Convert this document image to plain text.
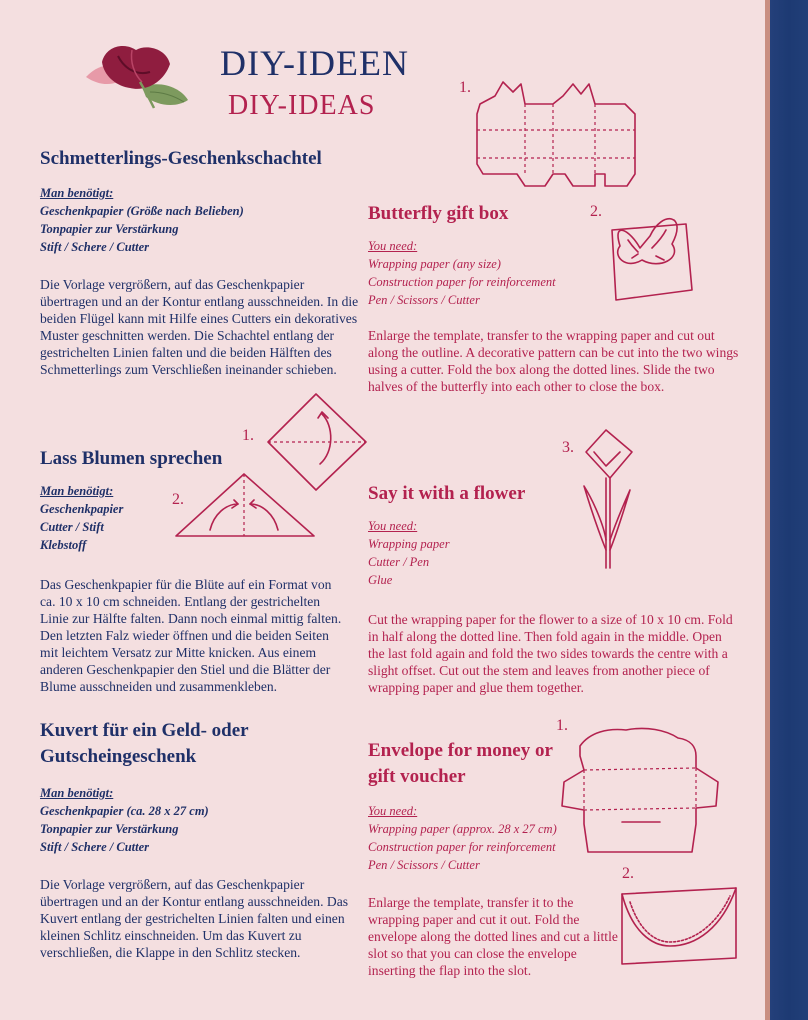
DIY-IDEEN
DIY-IDEAS
Schmetterlings-Geschenkschachtel
Man benötigt:
Geschenkpapier (Größe nach Belieben)
Tonpapier zur Verstärkung
Stift / Schere / Cutter

Die Vorlage vergrößern, auf das Geschenkpapier übertragen und an der Kontur entlang ausschneiden. In die beiden Flügel kann mit Hilfe eines Cutters ein dekoratives Muster geschnitten werden. Die Schachtel entlang der gestrichelten Linien falten und die beiden Hälften des Schmetterlings zum Verschließen ineinander schieben.

Butterfly gift box
You need:
Wrapping paper (any size)
Construction paper for reinforcement
Pen / Scissors / Cutter

Enlarge the template, transfer to the wrapping paper and cut out along the outline. A decorative pattern can be cut into the two wings using a cutter. Fold the box along the dotted lines. Slide the two halves of the butterfly into each other to close the box.

Lass Blumen sprechen
Man benötigt:
Geschenkpapier
Cutter / Stift
Klebstoff

Das Geschenkpapier für die Blüte auf ein Format von ca. 10 x 10 cm schneiden. Entlang der gestrichelten Linie zur Hälfte falten. Dann noch einmal mittig falten. Den letzten Falz wieder öffnen und die beiden Seiten mit leichtem Versatz zur Mitte knicken. Aus einem anderen Geschenkpapier den Stiel und die Blätter der Blume ausschneiden und zusammenkleben.

Say it with a flower
You need:
Wrapping paper
Cutter / Pen
Glue

Cut the wrapping paper for the flower to a size of 10 x 10 cm. Fold in half along the dotted line. Then fold again in the middle. Open the last fold again and fold the two sides towards the centre with a slight offset. Cut out the stem and leaves from another piece of wrapping paper and glue them together.

Kuvert für ein Geld- oder Gutscheingeschenk
Man benötigt:
Geschenkpapier (ca. 28 x 27 cm)
Tonpapier zur Verstärkung
Stift / Schere / Cutter

Die Vorlage vergrößern, auf das Geschenkpapier übertragen und an der Kontur entlang ausschneiden. Das Kuvert entlang der gestrichelten Linien falten und einen kleinen Schlitz einschneiden. Um das Kuvert zu verschließen, die Klappe in den Schlitz stecken.

Envelope for money or gift voucher
You need:
Wrapping paper (approx. 28 x 27 cm)
Construction paper for reinforcement
Pen / Scissors / Cutter

Enlarge the template, transfer it to the wrapping paper and cut it out. Fold the envelope along the dotted lines and cut a little slot so that you can close the envelope inserting the flap into the slot.

1.
2.
1.
2.
3.
1.
2.
